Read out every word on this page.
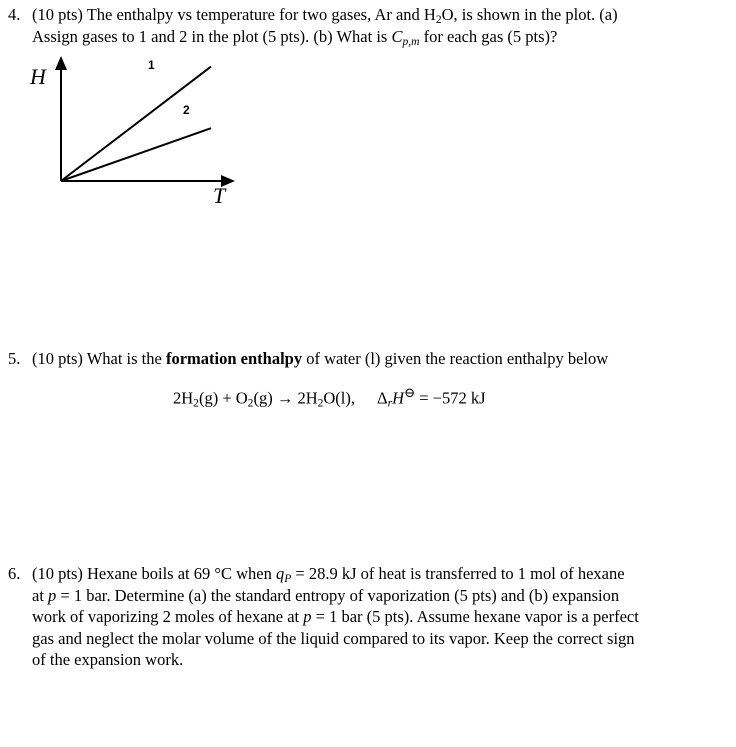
4. (10 pts) The enthalpy vs temperature for two gases, Ar and $H_2O$, is shown in the plot. (a)
Assign gases to 1 and 2 in the plot (5 pts). (b) What is $C_{p,m}$ for each gas (5 pts)?
H
T
1
2
5. (10 pts) What is the formation enthalpy of water (l) given the reaction enthalpy below
$2H_2(g) + O_2(g) \to 2H_2O(l)$, $\Delta_rH^⊖ = -572$ kJ
6. (10 pts) Hexane boils at 69 °C when $q_P = 28.9$ kJ of heat is transferred to 1 mol of hexane
at p = 1 bar. Determine (a) the standard entropy of vaporization (5 pts) and (b) expansion
work of vaporizing 2 moles of hexane at p = 1 bar (5 pts). Assume hexane vapor is a perfect
gas and neglect the molar volume of the liquid compared to its vapor. Keep the correct sign
of the expansion work.
